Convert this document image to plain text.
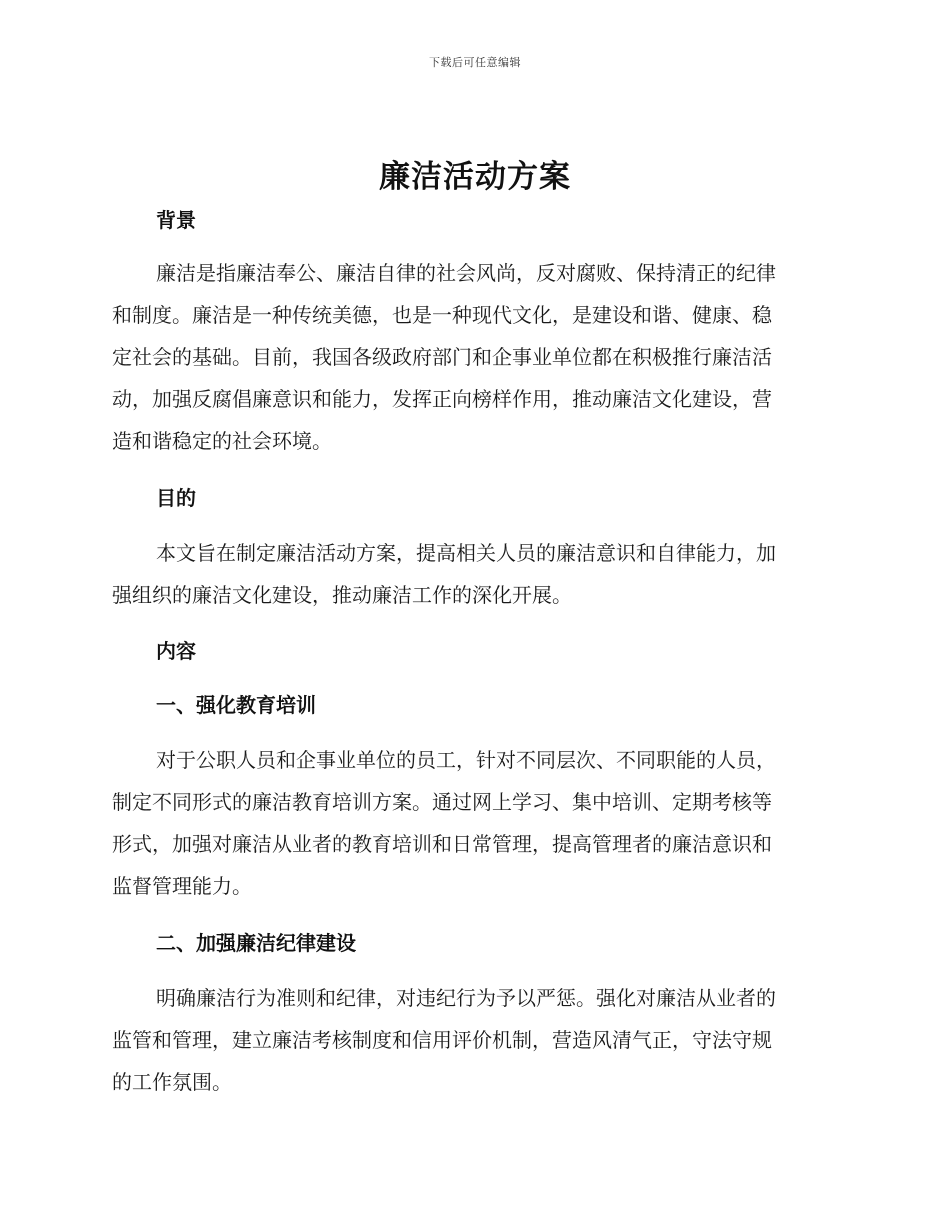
下载后可任意编辑
廉洁活动方案
背景
廉洁是指廉洁奉公、廉洁自律的社会风尚，反对腐败、保持清正的纪律
和制度。廉洁是一种传统美德，也是一种现代文化，是建设和谐、健康、稳
定社会的基础。目前，我国各级政府部门和企事业单位都在积极推行廉洁活
动，加强反腐倡廉意识和能力，发挥正向榜样作用，推动廉洁文化建设，营
造和谐稳定的社会环境。
目的
本文旨在制定廉洁活动方案，提高相关人员的廉洁意识和自律能力，加
强组织的廉洁文化建设，推动廉洁工作的深化开展。
内容
一、强化教育培训
对于公职人员和企事业单位的员工，针对不同层次、不同职能的人员，
制定不同形式的廉洁教育培训方案。通过网上学习、集中培训、定期考核等
形式，加强对廉洁从业者的教育培训和日常管理，提高管理者的廉洁意识和
监督管理能力。
二、加强廉洁纪律建设
明确廉洁行为准则和纪律，对违纪行为予以严惩。强化对廉洁从业者的
监管和管理，建立廉洁考核制度和信用评价机制，营造风清气正，守法守规
的工作氛围。
